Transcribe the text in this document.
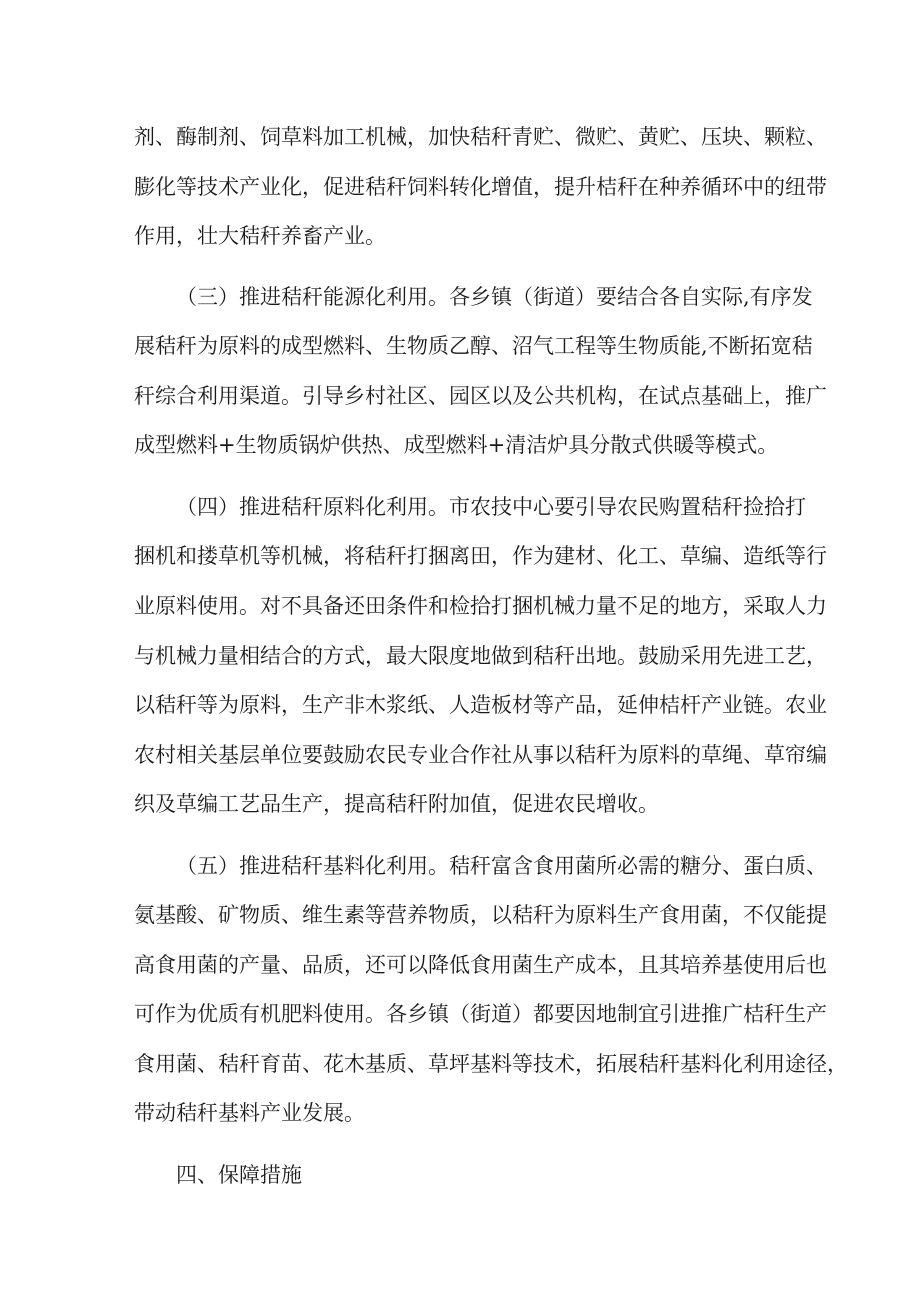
剂、酶制剂、饲草料加工机械，加快秸秆青贮、微贮、黄贮、压块、颗粒、
膨化等技术产业化，促进秸秆饲料转化增值，提升桔秆在种养循环中的纽带
作用，壮大秸秆养畜产业。
（三）推进秸秆能源化利用。各乡镇（街道）要结合各自实际,有序发
展秸秆为原料的成型燃料、生物质乙醇、沼气工程等生物质能,不断拓宽秸
秆综合利用渠道。引导乡村社区、园区以及公共机构，在试点基础上，推广
成型燃料+生物质锅炉供热、成型燃料+清洁炉具分散式供暖等模式。
（四）推进秸秆原料化利用。市农技中心要引导农民购置秸秆捡拾打
捆机和搂草机等机械，将秸秆打捆离田，作为建材、化工、草编、造纸等行
业原料使用。对不具备还田条件和检拾打捆机械力量不足的地方，采取人力
与机械力量相结合的方式，最大限度地做到秸秆出地。鼓励采用先进工艺，
以秸秆等为原料，生产非木浆纸、人造板材等产品，延伸桔杆产业链。农业
农村相关基层单位要鼓励农民专业合作社从事以秸秆为原料的草绳、草帘编
织及草编工艺品生产，提高秸秆附加值，促进农民增收。
（五）推进秸秆基料化利用。秸秆富含食用菌所必需的糖分、蛋白质、
氨基酸、矿物质、维生素等营养物质，以秸秆为原料生产食用菌，不仅能提
高食用菌的产量、品质，还可以降低食用菌生产成本，且其培养基使用后也
可作为优质有机肥料使用。各乡镇（街道）都要因地制宜引进推广桔秆生产
食用菌、秸秆育苗、花木基质、草坪基料等技术，拓展秸秆基料化利用途径，
带动秸秆基料产业发展。
四、保障措施
